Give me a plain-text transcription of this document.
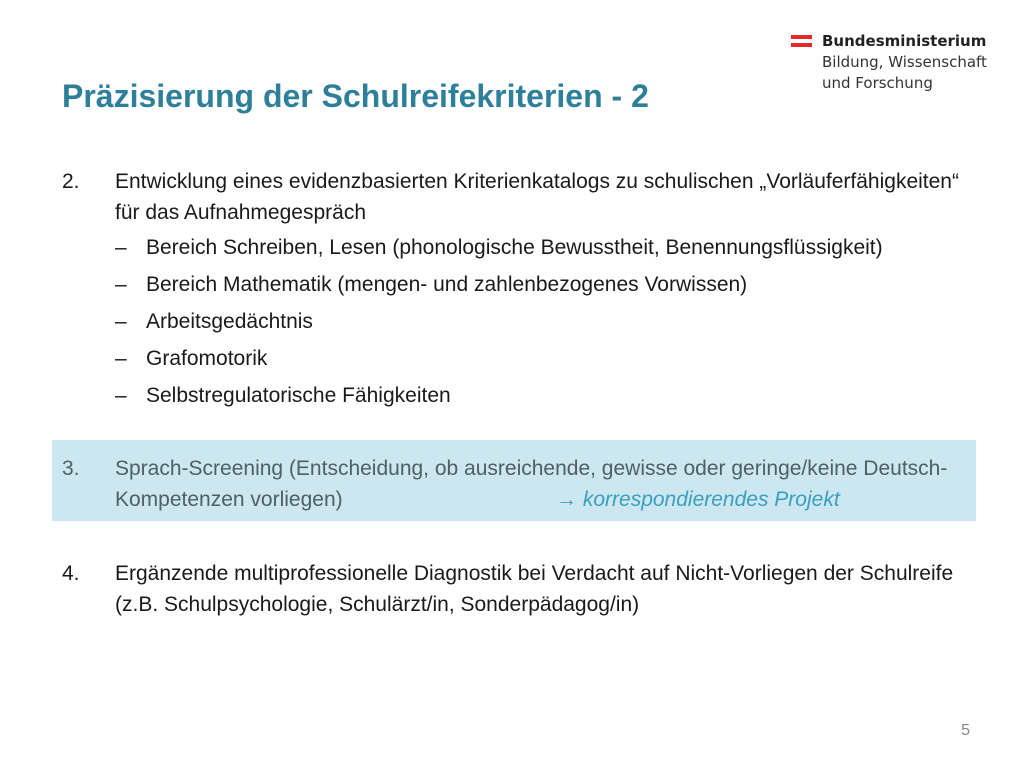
Bundesministerium
Bildung, Wissenschaft
und Forschung
Präzisierung der Schulreifekriterien - 2
2.	Entwicklung eines evidenzbasierten Kriterienkatalogs zu schulischen „Vorläuferfähigkeiten“ für das Aufnahmegespräch
– Bereich Schreiben, Lesen (phonologische Bewusstheit, Benennungsflüssigkeit)
– Bereich Mathematik (mengen- und zahlenbezogenes Vorwissen)
– Arbeitsgedächtnis
– Grafomotorik
– Selbstregulatorische Fähigkeiten
3.	Sprach-Screening (Entscheidung, ob ausreichende, gewisse oder geringe/keine Deutsch-Kompetenzen vorliegen)	→ korrespondierendes Projekt
4.	Ergänzende multiprofessionelle Diagnostik bei Verdacht auf Nicht-Vorliegen der Schulreife (z.B. Schulpsychologie, Schulärzt/in, Sonderpädagog/in)
5
